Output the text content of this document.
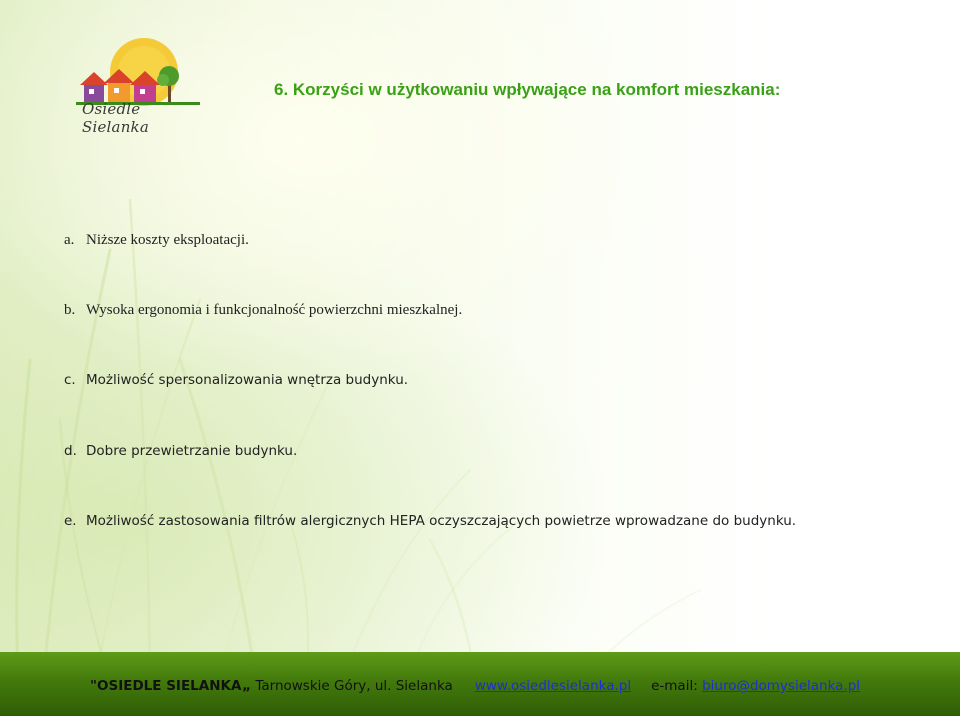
Osiedle Sielanka
6. Korzyści w użytkowaniu wpływające na komfort mieszkania:
a. Niższe koszty eksploatacji.
b. Wysoka ergonomia i funkcjonalność powierzchni mieszkalnej.
c. Możliwość spersonalizowania wnętrza budynku.
d. Dobre przewietrzanie budynku.
e. Możliwość zastosowania filtrów alergicznych HEPA oczyszczających powietrze wprowadzane do budynku.
"OSIEDLE SIELANKA„ Tarnowskie Góry, ul. Sielanka www.osiedlesielanka.pl e-mail: biuro@domysielanka.pl
